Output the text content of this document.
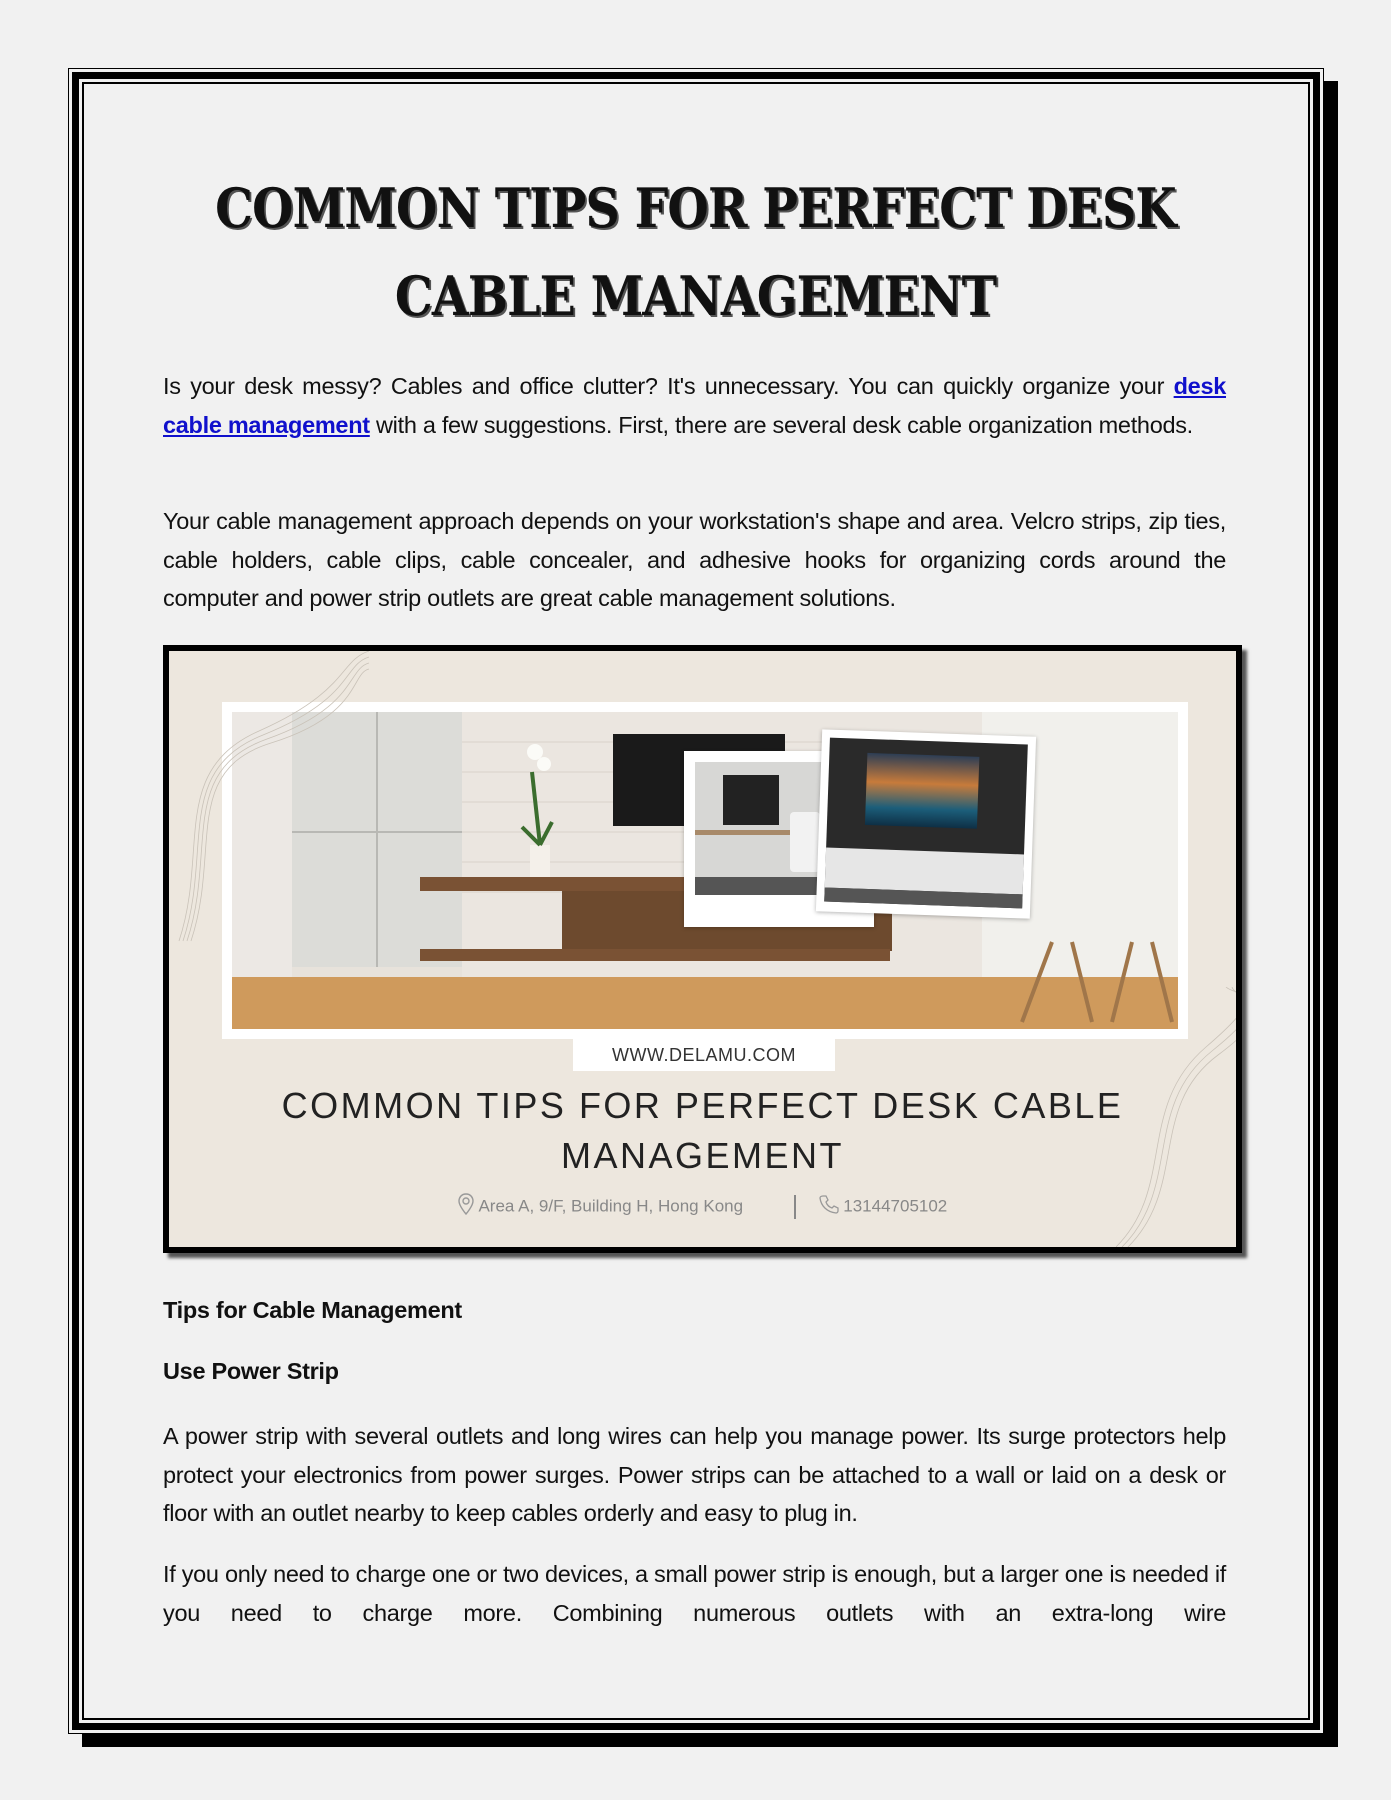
COMMON TIPS FOR PERFECT DESK
CABLE MANAGEMENT
Is your desk messy? Cables and office clutter? It's unnecessary. You can quickly organize your desk cable management with a few suggestions. First, there are several desk cable organization methods.
Your cable management approach depends on your workstation's shape and area. Velcro strips, zip ties, cable holders, cable clips, cable concealer, and adhesive hooks for organizing cords around the computer and power strip outlets are great cable management solutions.
WWW.DELAMU.COM
COMMON TIPS FOR PERFECT DESK CABLE
MANAGEMENT
Area A, 9/F, Building H, Hong Kong	13144705102
Tips for Cable Management
Use Power Strip
A power strip with several outlets and long wires can help you manage power. Its surge protectors help protect your electronics from power surges. Power strips can be attached to a wall or laid on a desk or floor with an outlet nearby to keep cables orderly and easy to plug in.
If you only need to charge one or two devices, a small power strip is enough, but a larger one is needed if you need to charge more. Combining numerous outlets with an extra-long wire
